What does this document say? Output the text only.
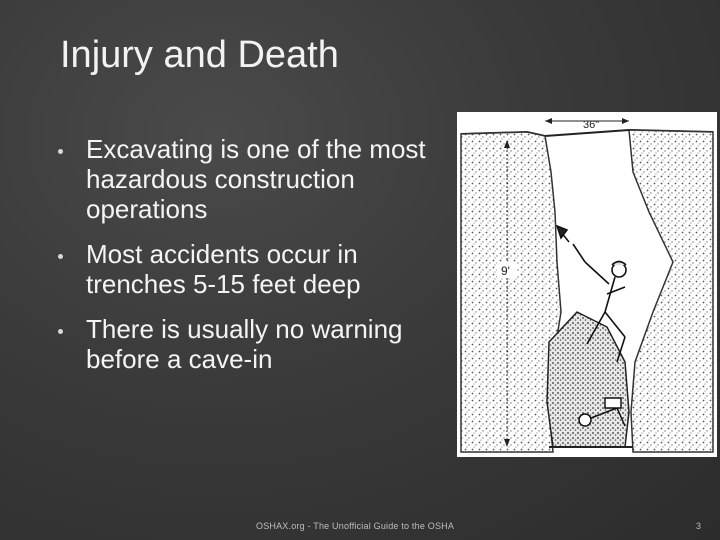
Injury and Death
Excavating is one of the most hazardous construction operations
Most accidents occur in trenches 5-15 feet deep
There is usually no warning before a cave-in
36"
9'
OSHAX.org - The Unofficial Guide to the OSHA	3
